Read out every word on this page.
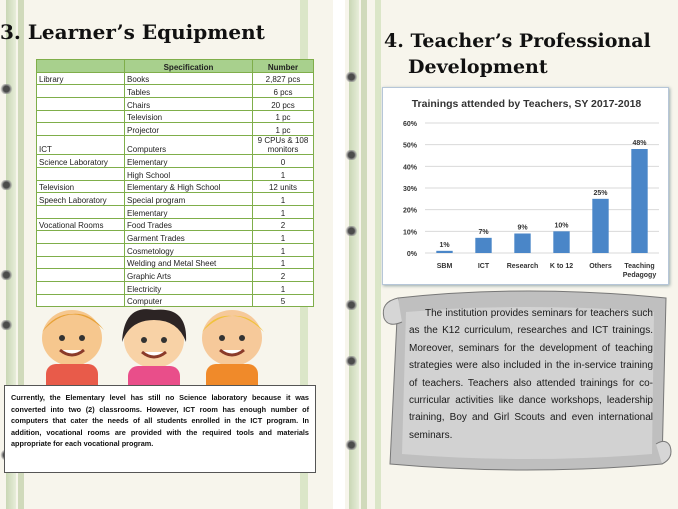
3. Learner’s Equipment
	Specification	Number
Library	Books	2,827 pcs
	Tables	6 pcs
	Chairs	20 pcs
	Television	1 pc
	Projector	1 pc
ICT	Computers	9 CPUs & 108 monitors
Science Laboratory	Elementary	0
	High School	1
Television	Elementary & High School	12 units
Speech Laboratory	Special program	1
	Elementary	1
Vocational Rooms	Food Trades	2
	Garment Trades	1
	Cosmetology	1
	Welding and Metal Sheet	1
	Graphic Arts	2
	Electricity	1
	Computer	5
Currently, the Elementary level has still no Science laboratory because it was converted into two (2) classrooms. However, ICT room has enough number of computers that cater the needs of all students enrolled in the ICT program. In addition, vocational rooms are provided with the required tools and materials appropriate for each vocational program.
4. Teacher’s Professional
Development
Trainings attended by Teachers, SY 2017-2018
0%
10%
20%
30%
40%
50%
60%
1%
SBM
7%
ICT
9%
Research
10%
K to 12
25%
Others
48%
Teaching Pedagogy
The institution provides seminars for teachers such as the K12 curriculum, researches and ICT trainings. Moreover, seminars for the development of teaching strategies were also included in the in-service training of teachers. Teachers also attended trainings for co-curricular activities like dance workshops, leadership training, Boy and Girl Scouts and even international seminars.
